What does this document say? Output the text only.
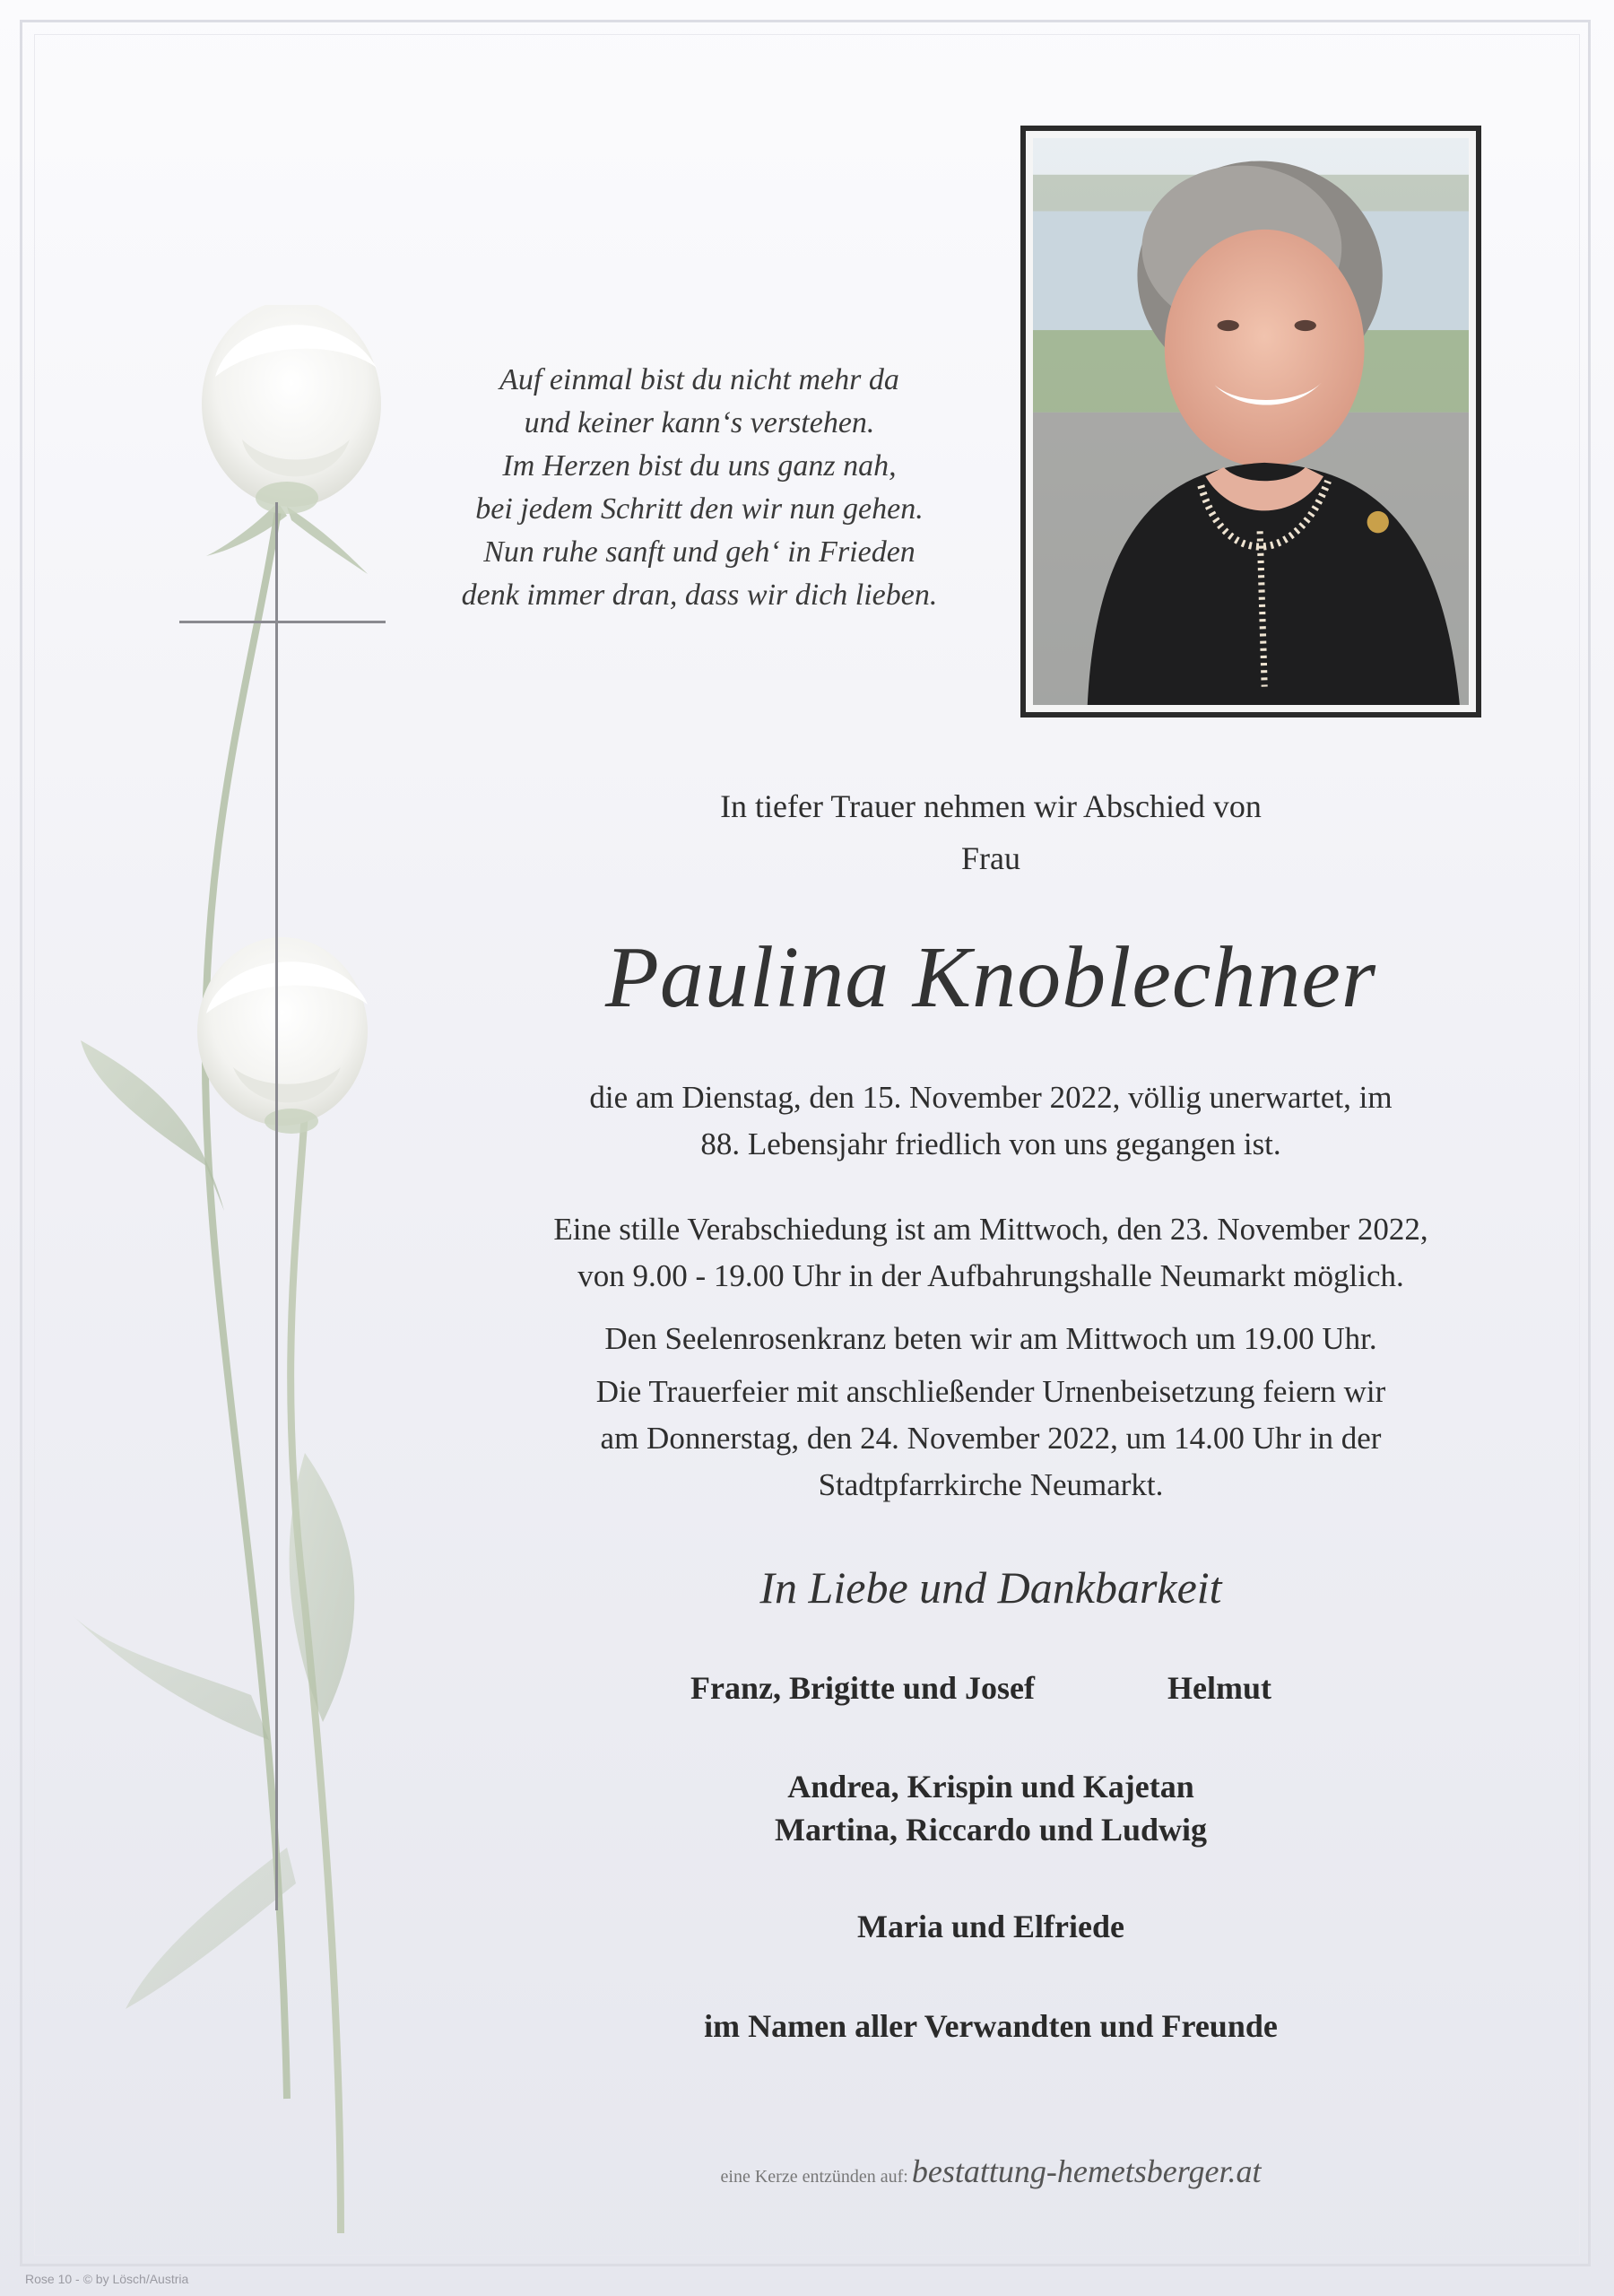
Auf einmal bist du nicht mehr da
und keiner kann‘s verstehen.
Im Herzen bist du uns ganz nah,
bei jedem Schritt den wir nun gehen.
Nun ruhe sanft und geh‘ in Frieden
denk immer dran, dass wir dich lieben.
In tiefer Trauer nehmen wir Abschied von
Frau
Paulina Knoblechner
die am Dienstag, den 15. November 2022, völlig unerwartet, im
88. Lebensjahr friedlich von uns gegangen ist.
Eine stille Verabschiedung ist am Mittwoch, den 23. November 2022,
von 9.00 - 19.00 Uhr in der Aufbahrungshalle Neumarkt möglich.
Den Seelenrosenkranz beten wir am Mittwoch um 19.00 Uhr.
Die Trauerfeier mit anschließender Urnenbeisetzung feiern wir
am Donnerstag, den 24. November 2022, um 14.00 Uhr in der
Stadtpfarrkirche Neumarkt.
In Liebe und Dankbarkeit
Franz, Brigitte und Josef	Helmut
Andrea, Krispin und Kajetan
Martina, Riccardo und Ludwig
Maria und Elfriede
im Namen aller Verwandten und Freunde
eine Kerze entzünden auf: bestattung-hemetsberger.at
Rose 10 - © by Lösch/Austria
